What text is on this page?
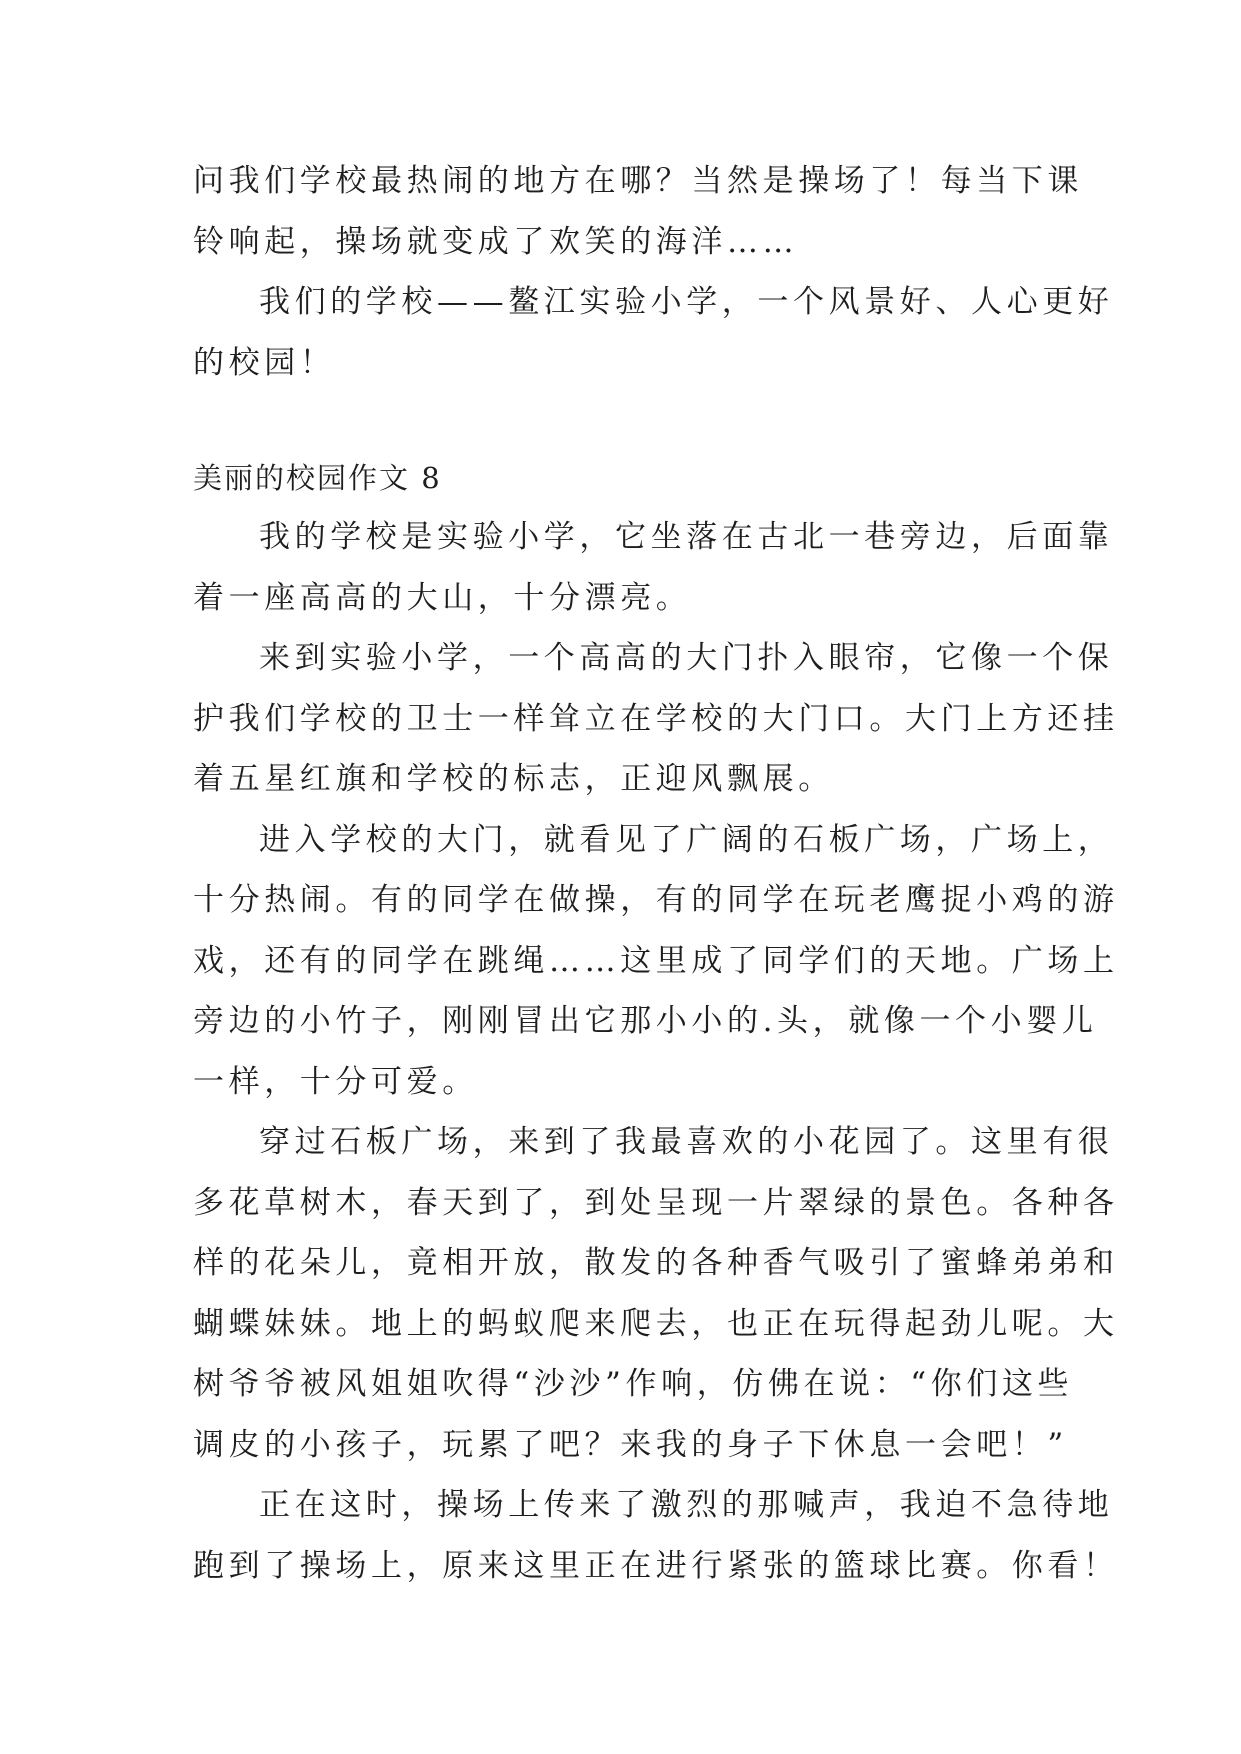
问我们学校最热闹的地方在哪？当然是操场了！每当下课
铃响起，操场就变成了欢笑的海洋……
我们的学校——鳌江实验小学，一个风景好、人心更好
的校园！
美丽的校园作文 8
我的学校是实验小学，它坐落在古北一巷旁边，后面靠
着一座高高的大山，十分漂亮。
来到实验小学，一个高高的大门扑入眼帘，它像一个保
护我们学校的卫士一样耸立在学校的大门口。大门上方还挂
着五星红旗和学校的标志，正迎风飘展。
进入学校的大门，就看见了广阔的石板广场，广场上，
十分热闹。有的同学在做操，有的同学在玩老鹰捉小鸡的游
戏，还有的同学在跳绳……这里成了同学们的天地。广场上
旁边的小竹子，刚刚冒出它那小小的.头，就像一个小婴儿
一样，十分可爱。
穿过石板广场，来到了我最喜欢的小花园了。这里有很
多花草树木，春天到了，到处呈现一片翠绿的景色。各种各
样的花朵儿，竟相开放，散发的各种香气吸引了蜜蜂弟弟和
蝴蝶妹妹。地上的蚂蚁爬来爬去，也正在玩得起劲儿呢。大
树爷爷被风姐姐吹得“沙沙”作响，仿佛在说：“你们这些
调皮的小孩子，玩累了吧？来我的身子下休息一会吧！”
正在这时，操场上传来了激烈的那喊声，我迫不急待地
跑到了操场上，原来这里正在进行紧张的篮球比赛。你看！
